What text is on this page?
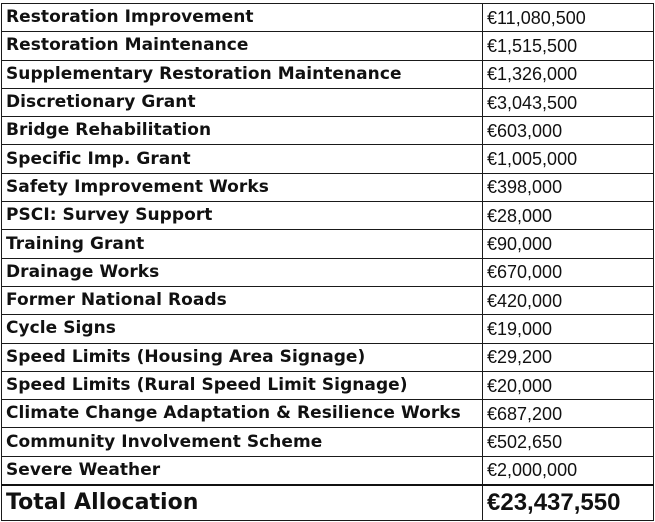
Restoration Improvement	€11,080,500
Restoration Maintenance	€1,515,500
Supplementary Restoration Maintenance	€1,326,000
Discretionary Grant	€3,043,500
Bridge Rehabilitation	€603,000
Specific Imp. Grant	€1,005,000
Safety Improvement Works	€398,000
PSCI: Survey Support	€28,000
Training Grant	€90,000
Drainage Works	€670,000
Former National Roads	€420,000
Cycle Signs	€19,000
Speed Limits (Housing Area Signage)	€29,200
Speed Limits (Rural Speed Limit Signage)	€20,000
Climate Change Adaptation & Resilience Works	€687,200
Community Involvement Scheme	€502,650
Severe Weather	€2,000,000
Total Allocation	€23,437,550
